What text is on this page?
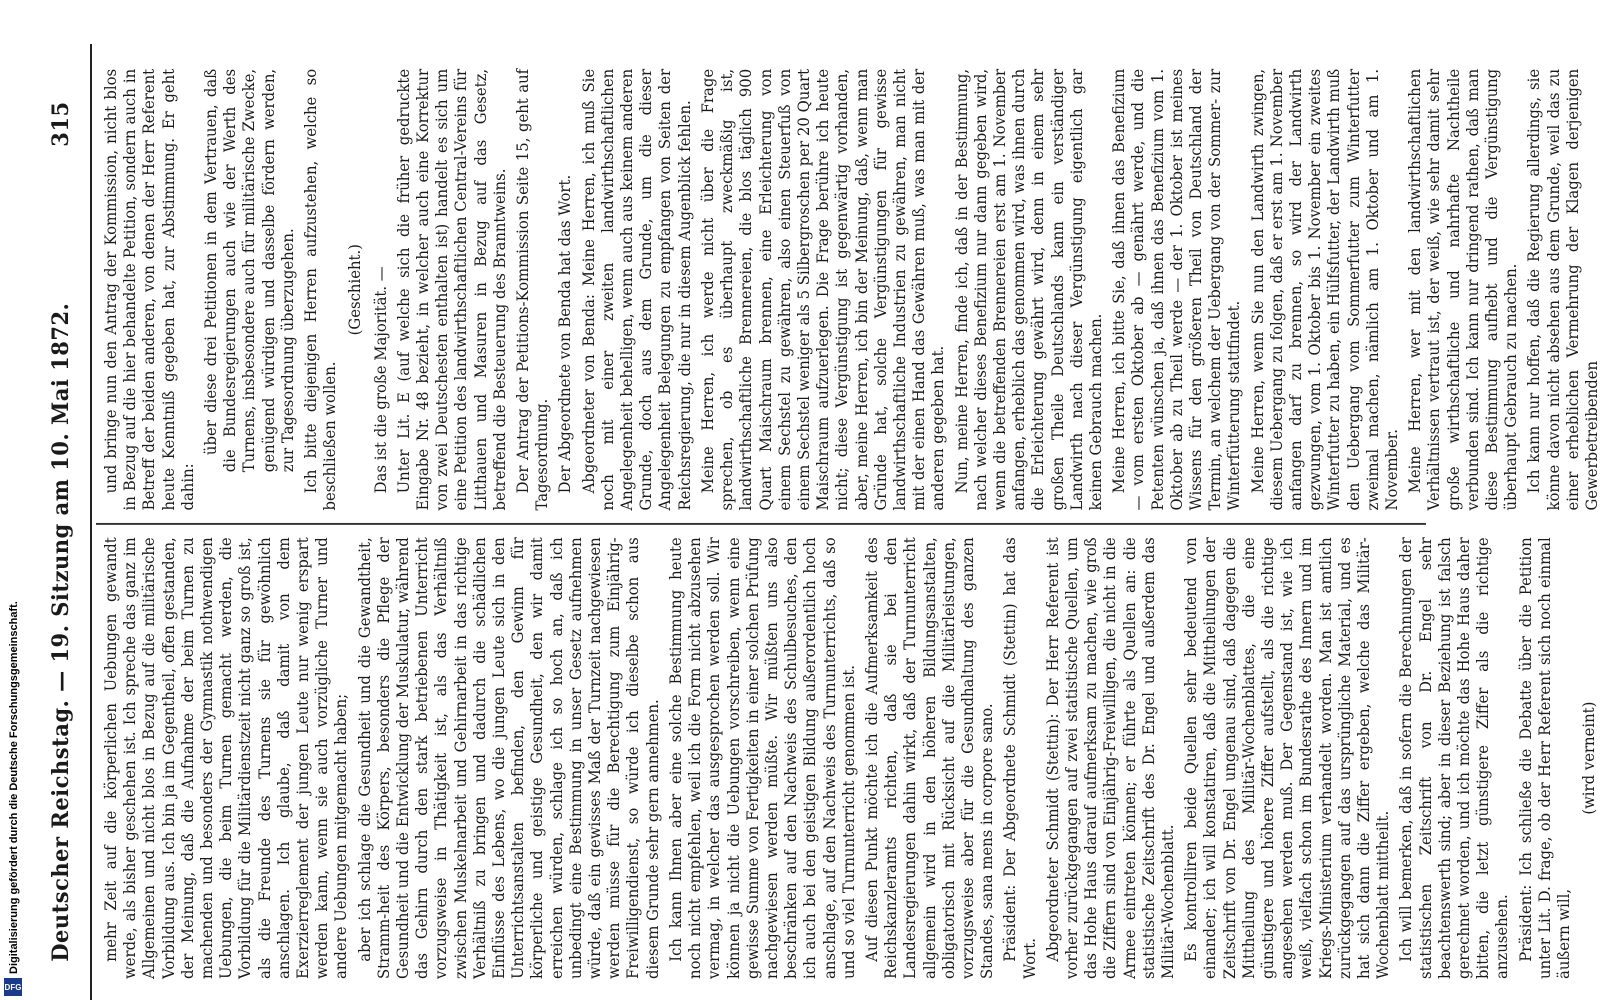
Deutscher Reichstag. — 19. Sitzung am 10. Mai 1872.
315

mehr Zeit auf die körperlichen Uebungen gewandt werde, als bisher geschehen ist. Ich spreche das ganz im Allgemeinen und nicht blos in Bezug auf die militärische Vorbildung aus. Ich bin ja im Gegentheil, offen gestanden, der Meinung, daß die Aufnahme der beim Turnen zu machenden und besonders der Gymnastik nothwendigen Uebungen, die beim Turnen gemacht werden, die Vorbildung für die Militärdienstzeit nicht ganz so groß ist, als die Freunde des Turnens sie für gewöhnlich anschlagen. Ich glaube, daß damit von dem Exerzierreglement der jungen Leute nur wenig erspart werden kann, wenn sie auch vorzügliche Turner und andere Uebungen mitgemacht haben; aber ich schlage die Gesundheit und die Gewandtheit, Stramm-heit des Körpers, besonders die Pflege der Gesundheit und die Entwicklung der Muskulatur, während das Gehirn durch den stark betriebenen Unterricht vorzugsweise in Thätigkeit ist, als das Verhältniß zwischen Muskelnarbeit und Gehirnarbeit in das richtige Verhältniß zu bringen und dadurch die schädlichen Einflüsse des Lebens, wo die jungen Leute sich in den Unterrichtsanstalten befinden, den Gewinn für körperliche und geistige Gesundheit, den wir damit erreichen würden, schlage ich so hoch an, daß ich unbedingt eine Bestimmung in unser Gesetz aufnehmen würde, daß ein gewisses Maß der Turnzeit nachgewiesen werden müsse für die Berechtigung zum Einjährig-Freiwilligendienst, so würde ich dieselbe schon aus diesem Grunde sehr gern annehmen. Ich kann Ihnen aber eine solche Bestimmung heute noch nicht empfehlen, weil ich die Form nicht abzusehen vermag, in welcher das ausgesprochen werden soll. Wir können ja nicht die Uebungen vorschreiben, wenn eine gewisse Summe von Fertigkeiten in einer solchen Prüfung nachgewiesen werden müßte. Wir müßten uns also beschränken auf den Nachweis des Schulbesuches, den ich auch bei den geistigen Bildung außerordentlich hoch anschlage, auf den Nachweis des Turnunterrichts, daß so und so viel Turnunterricht genommen ist. Auf diesen Punkt möchte ich die Aufmerksamkeit des Reichskanzleramts richten, daß sie bei den Landesregierungen dahin wirkt, daß der Turnunterricht allgemein wird in den höheren Bildungsanstalten, obligatorisch mit Rücksicht auf die Militärleistungen, vorzugsweise aber für die Gesundhaltung des ganzen Standes, sana mens in corpore sano. Präsident: Der Abgeordnete Schmidt (Stettin) hat das Wort. Abgeordneter Schmidt (Stettin): Der Herr Referent ist vorher zurückgegangen auf zwei statistische Quellen, um das Hohe Haus darauf aufmerksam zu machen, wie groß die Ziffern sind von Einjährig-Freiwilligen, die nicht in die Armee eintreten können; er führte als Quellen an: die statistische Zeitschrift des Dr. Engel und außerdem das Militär-Wochenblatt. Es kontrolliren beide Quellen sehr bedeutend von einander; ich will konstatiren, daß die Mittheilungen der Zeitschrift von Dr. Engel ungenau sind, daß dagegen die Mittheilung des Militär-Wochenblattes, die eine günstigere und höhere Ziffer aufstellt, als die richtige angesehen werden muß. Der Gegenstand ist, wie ich weiß, vielfach schon im Bundesrathe des Innern und im Kriegs-Ministerium verhandelt worden. Man ist amtlich zurückgegangen auf das ursprüngliche Material, und es hat sich dann die Ziffer ergeben, welche das Militär-Wochenblatt mittheilt. Ich will bemerken, daß in sofern die Berechnungen der statistischen Zeitschrift von Dr. Engel sehr beachtenswerth sind; aber in dieser Beziehung ist falsch gerechnet worden, und ich möchte das Hohe Haus daher bitten, die letzt günstigere Ziffer als die richtige anzusehen. Präsident: Ich schließe die Debatte über die Petition unter Lit. D. frage, ob der Herr Referent sich noch einmal äußern will,

(wird verneint)

und bringe nun den Antrag der Kommission, nicht blos in Bezug auf die hier behandelte Petition, sondern auch in Betreff der beiden anderen, von denen der Herr Referent heute Kenntniß gegeben hat, zur Abstimmung. Er geht dahin:

über diese drei Petitionen in dem Vertrauen, daß die Bundesregierungen auch wie der Werth des Turnens, insbesondere auch für militärische Zwecke, genügend würdigen und dasselbe fördern werden, zur Tagesordnung überzugehen. Ich bitte diejenigen Herren aufzustehen, welche so beschließen wollen.

(Geschieht.) Das ist die große Majorität. — Unter Lit. E (auf welche sich die früher gedruckte Eingabe Nr. 48 bezieht, in welcher auch eine Korrektur von zwei Deutschesten enthalten ist) handelt es sich um eine Petition des landwirthschaftlichen Central-Vereins für Litthauen und Masuren in Bezug auf das Gesetz, betreffend die Besteuerung des Branntweins. Der Antrag der Petitions-Kommission Seite 15, geht auf Tagesordnung. Der Abgeordnete von Benda hat das Wort. Abgeordneter von Benda: Meine Herren, ich muß Sie noch mit einer zweiten landwirthschaftlichen Angelegenheit behelligen, wenn auch aus keinem anderen Grunde, doch aus dem Grunde, um die dieser Angelegenheit Belegungen zu empfangen von Seiten der Reichsregierung, die nur in diesem Augenblick fehlen. Meine Herren, ich werde nicht über die Frage sprechen, ob es überhaupt zweckmäßig ist, landwirthschaftliche Brennereien, die blos täglich 900 Quart Maischraum brennen, eine Erleichterung von einem Sechstel zu gewähren, also einen Steuerfuß von einem Sechstel weniger als 5 Silbergroschen per 20 Quart Maischraum aufzuerlegen. Die Frage berühre ich heute nicht; diese Vergünstigung ist gegenwärtig vorhanden, aber, meine Herren, ich bin der Meinung, daß, wenn man Gründe hat, solche Vergünstigungen für gewisse landwirthschaftliche Industrien zu gewähren, man nicht mit der einen Hand das Gewähren muß, was man mit der anderen gegeben hat. Nun, meine Herren, finde ich, daß in der Bestimmung, nach welcher dieses Benefizium nur dann gegeben wird, wenn die betreffenden Brennereien erst am 1. November anfangen, erheblich das genommen wird, was ihnen durch die Erleichterung gewährt wird, denn in einem sehr großen Theile Deutschlands kann ein verständiger Landwirth nach dieser Vergünstigung eigentlich gar keinen Gebrauch machen. Meine Herren, ich bitte Sie, daß ihnen das Benefizium — vom ersten Oktober ab — genährt werde, und die Petenten wünschen ja, daß ihnen das Benefizium vom 1. Oktober ab zu Theil werde — der 1. Oktober ist meines Wissens für den größeren Theil von Deutschland der Termin, an welchem der Uebergang von der Sommer- zur Winterfütterung stattfindet. Meine Herren, wenn Sie nun den Landwirth zwingen, diesem Uebergang zu folgen, daß er erst am 1. November anfangen darf zu brennen, so wird der Landwirth gezwungen, vom 1. Oktober bis 1. November ein zweites Winterfutter zu haben, ein Hülfsfutter, der Landwirth muß den Uebergang vom Sommerfutter zum Winterfutter zweimal machen, nämlich am 1. Oktober und am 1. November. Meine Herren, wer mit den landwirthschaftlichen Verhältnissen vertraut ist, der weiß, wie sehr damit sehr große wirthschaftliche und nahrhafte Nachtheile verbunden sind. Ich kann nur dringend rathen, daß man diese Bestimmung aufhebt und die Vergünstigung überhaupt Gebrauch zu machen. Ich kann nur hoffen, daß die Regierung allerdings, sie könne davon nicht absehen aus dem Grunde, weil das zu einer erheblichen Vermehrung der Klagen derjenigen Gewerbetreibenden

Digitalisierung gefördert durch die Deutsche Forschungsgemeinschaft.
DFG
